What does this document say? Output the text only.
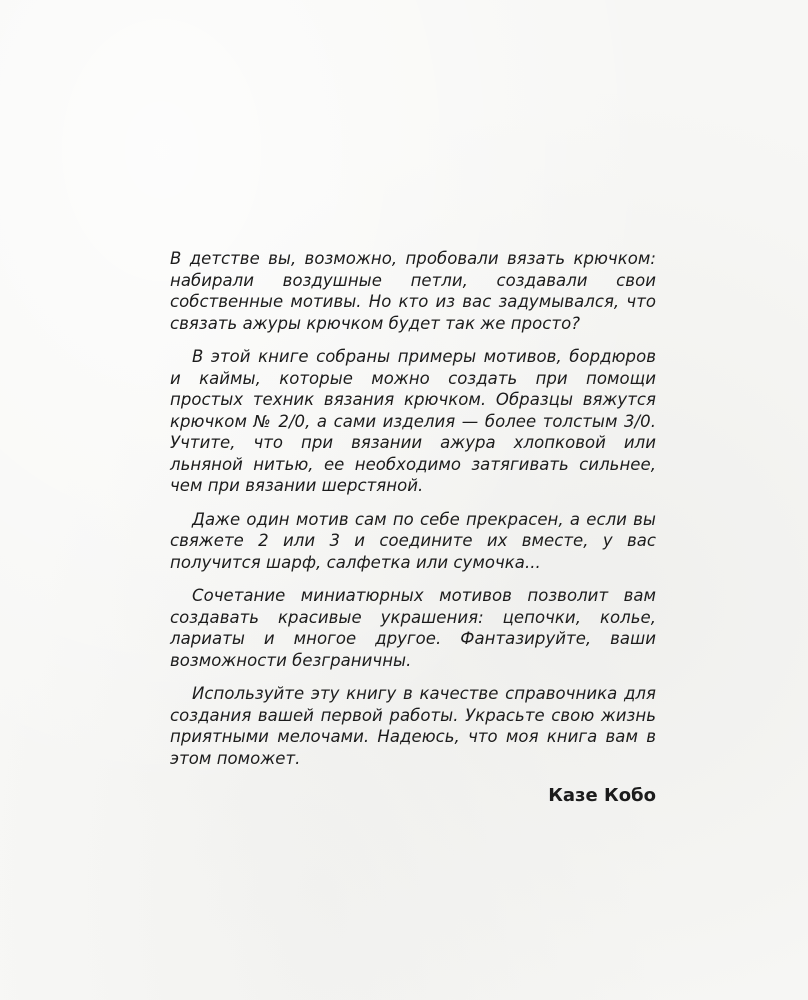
В детстве вы, возможно, пробовали вязать крючком: набирали воздушные петли, создавали свои собственные мотивы. Но кто из вас задумывался, что связать ажуры крючком будет так же просто?

В этой книге собраны примеры мотивов, бордюров и каймы, которые можно создать при помощи простых техник вязания крючком. Образцы вяжутся крючком № 2/0, а сами изделия — более толстым 3/0. Учтите, что при вязании ажура хлопковой или льняной нитью, ее необходимо затягивать сильнее, чем при вязании шерстяной.

Даже один мотив сам по себе прекрасен, а если вы свяжете 2 или 3 и соедините их вместе, у вас получится шарф, салфетка или сумочка...

Сочетание миниатюрных мотивов позволит вам создавать красивые украшения: цепочки, колье, лариаты и многое другое. Фантазируйте, ваши возможности безграничны.

Используйте эту книгу в качестве справочника для создания вашей первой работы. Украсьте свою жизнь приятными мелочами. Надеюсь, что моя книга вам в этом поможет.

Казе Кобо
